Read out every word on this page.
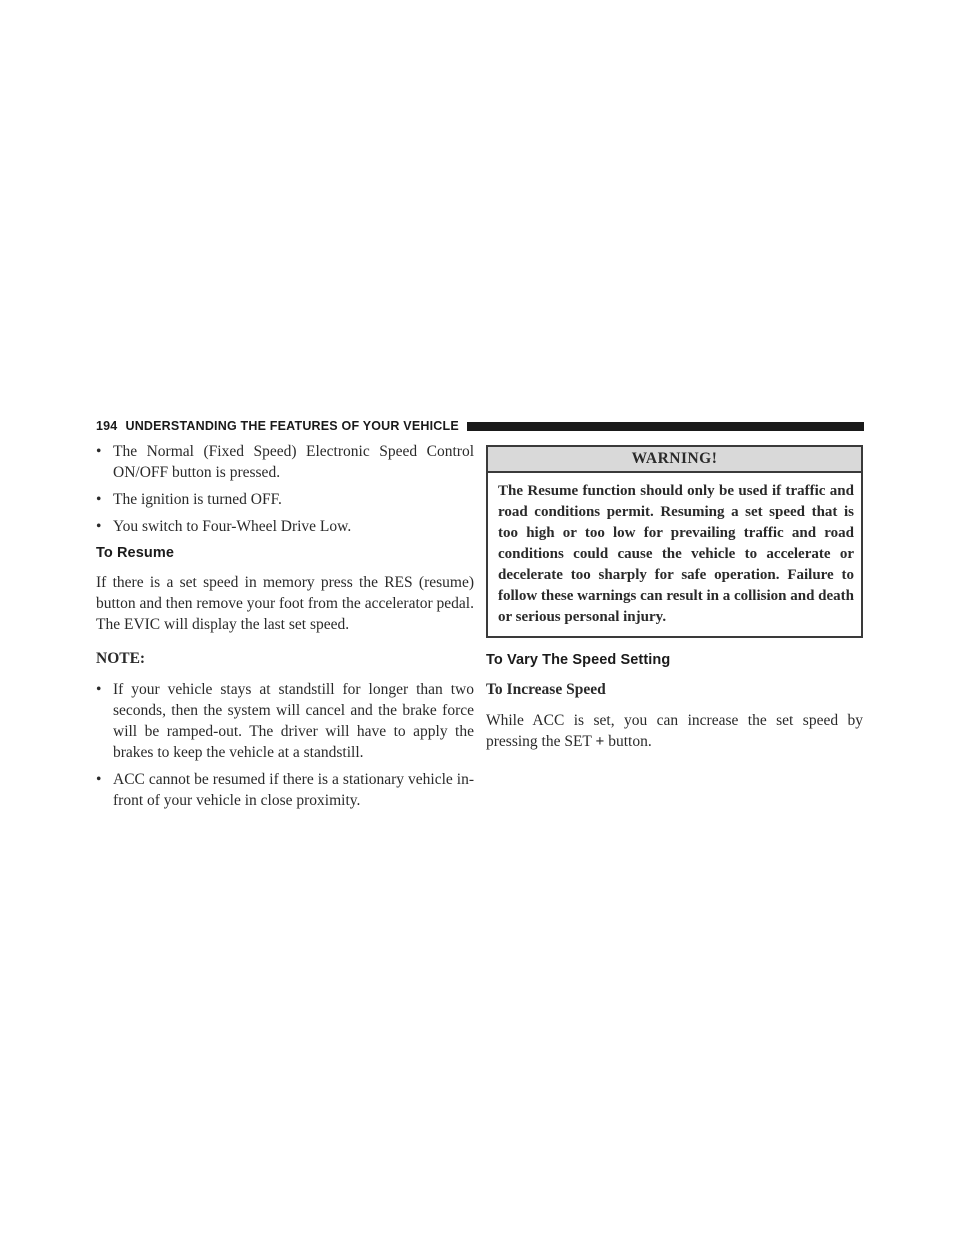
194 UNDERSTANDING THE FEATURES OF YOUR VEHICLE
• The Normal (Fixed Speed) Electronic Speed Control ON/OFF button is pressed.
• The ignition is turned OFF.
• You switch to Four-Wheel Drive Low.
To Resume

If there is a set speed in memory press the RES (resume) button and then remove your foot from the accelerator pedal. The EVIC will display the last set speed.

NOTE:
• If your vehicle stays at standstill for longer than two seconds, then the system will cancel and the brake force will be ramped-out. The driver will have to apply the brakes to keep the vehicle at a standstill.
• ACC cannot be resumed if there is a stationary vehicle in-front of your vehicle in close proximity.
WARNING!
The Resume function should only be used if traffic and road conditions permit. Resuming a set speed that is too high or too low for prevailing traffic and road conditions could cause the vehicle to accelerate or decelerate too sharply for safe operation. Failure to follow these warnings can result in a collision and death or serious personal injury.
To Vary The Speed Setting
To Increase Speed

While ACC is set, you can increase the set speed by pressing the SET + button.
